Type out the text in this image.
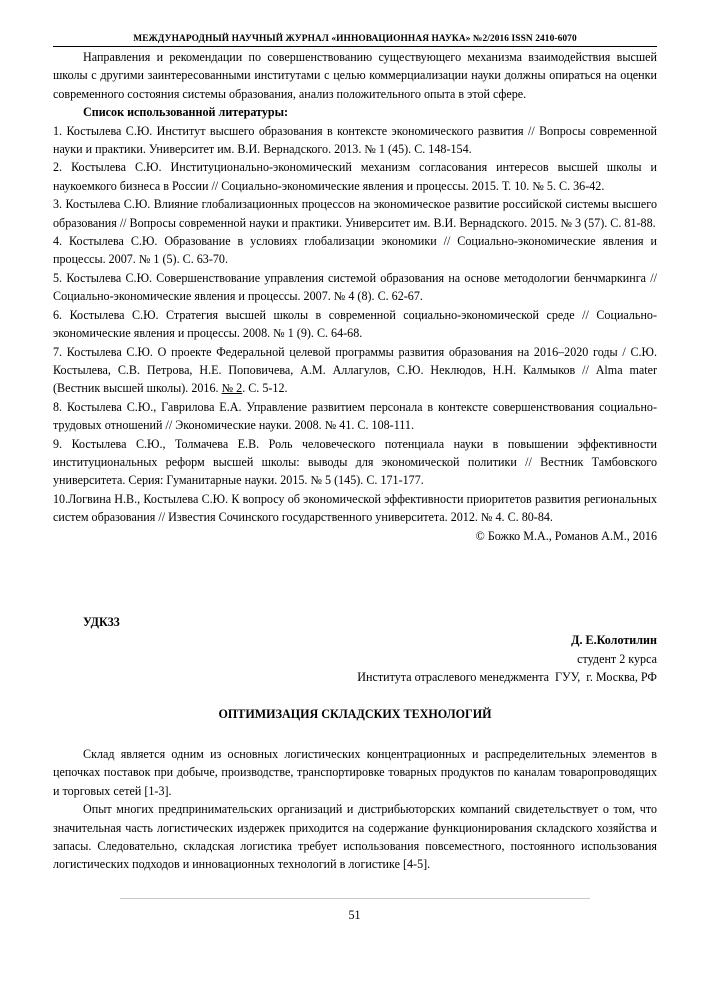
МЕЖДУНАРОДНЫЙ НАУЧНЫЙ ЖУРНАЛ «ИННОВАЦИОННАЯ НАУКА» №2/2016 ISSN 2410-6070

Направления и рекомендации по совершенствованию существующего механизма взаимодействия высшей школы с другими заинтересованными институтами с целью коммерциализации науки должны опираться на оценки современного состояния системы образования, анализ положительного опыта в этой сфере.

Список использованной литературы:

1. Костылева С.Ю. Институт высшего образования в контексте экономического развития // Вопросы современной науки и практики. Университет им. В.И. Вернадского. 2013. № 1 (45). С. 148-154.
2. Костылева С.Ю. Институционально-экономический механизм согласования интересов высшей школы и наукоемкого бизнеса в России // Социально-экономические явления и процессы. 2015. Т. 10. № 5. С. 36-42.
3. Костылева С.Ю. Влияние глобализационных процессов на экономическое развитие российской системы высшего образования // Вопросы современной науки и практики. Университет им. В.И. Вернадского. 2015. № 3 (57). С. 81-88.
4. Костылева С.Ю. Образование в условиях глобализации экономики // Социально-экономические явления и процессы. 2007. № 1 (5). С. 63-70.
5. Костылева С.Ю. Совершенствование управления системой образования на основе методологии бенчмаркинга // Социально-экономические явления и процессы. 2007. № 4 (8). С. 62-67.
6. Костылева С.Ю. Стратегия высшей школы в современной социально-экономической среде // Социально-экономические явления и процессы. 2008. № 1 (9). С. 64-68.
7. Костылева С.Ю. О проекте Федеральной целевой программы развития образования на 2016–2020 годы / С.Ю. Костылева, С.В. Петрова, Н.Е. Поповичева, А.М. Аллагулов, С.Ю. Неклюдов, Н.Н. Калмыков // Alma mater (Вестник высшей школы). 2016. № 2. С. 5-12.
8. Костылева С.Ю., Гаврилова Е.А. Управление развитием персонала в контексте совершенствования социально-трудовых отношений // Экономические науки. 2008. № 41. С. 108-111.
9. Костылева С.Ю., Толмачева Е.В. Роль человеческого потенциала науки в повышении эффективности институциональных реформ высшей школы: выводы для экономической политики // Вестник Тамбовского университета. Серия: Гуманитарные науки. 2015. № 5 (145). С. 171-177.
10.Логвина Н.В., Костылева С.Ю. К вопросу об экономической эффективности приоритетов развития региональных систем образования // Известия Сочинского государственного университета. 2012. № 4. С. 80-84.

© Божко М.А., Романов А.М., 2016

УДК33

Д. Е.Колотилин

студент 2 курса

Института отраслевого менеджмента  ГУУ,  г. Москва, РФ

ОПТИМИЗАЦИЯ СКЛАДСКИХ ТЕХНОЛОГИЙ

Склад является одним из основных логистических концентрационных и распределительных элементов в цепочках поставок при добыче, производстве, транспортировке товарных продуктов по каналам товаропроводящих и торговых сетей [1-3].

Опыт многих предпринимательских организаций и дистрибьюторских компаний свидетельствует о том, что значительная часть логистических издержек приходится на содержание функционирования складского хозяйства и запасы. Следовательно, складская логистика требует использования повсеместного, постоянного использования логистических подходов и инновационных технологий в логистике [4-5].

51
